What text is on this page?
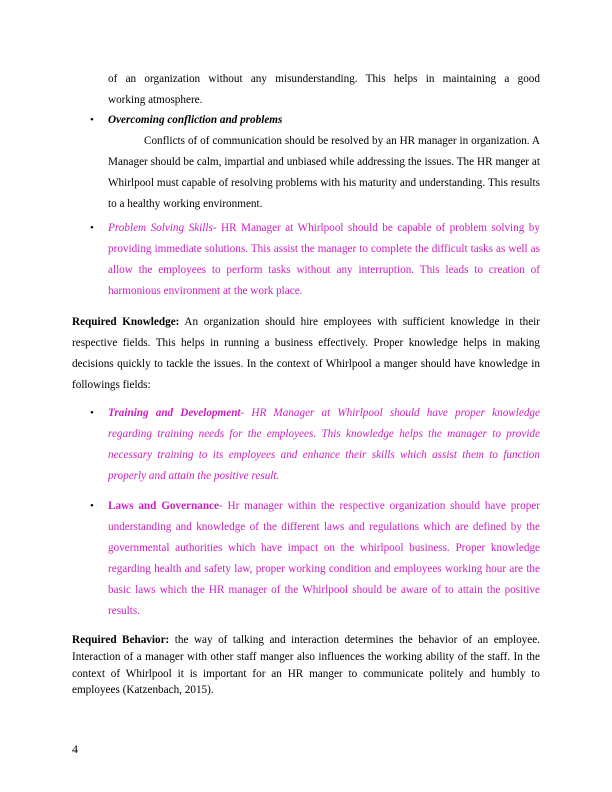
of an organization without any misunderstanding. This helps in maintaining a good
working atmosphere.
• Overcoming confliction and problems
Conflicts of of communication should be resolved by an HR manager in organization. A Manager should be calm, impartial and unbiased while addressing the issues. The HR manger at Whirlpool must capable of resolving problems with his maturity and understanding. This results to a healthy working environment.
• Problem Solving Skills- HR Manager at Whirlpool should be capable of problem solving by providing immediate solutions. This assist the manager to complete the difficult tasks as well as allow the employees to perform tasks without any interruption. This leads to creation of harmonious environment at the work place.
Required Knowledge: An organization should hire employees with sufficient knowledge in their respective fields. This helps in running a business effectively. Proper knowledge helps in making decisions quickly to tackle the issues. In the context of Whirlpool a manger should have knowledge in followings fields:
• Training and Development- HR Manager at Whirlpool should have proper knowledge regarding training needs for the employees. This knowledge helps the manager to provide necessary training to its employees and enhance their skills which assist them to function properly and attain the positive result.
• Laws and Governance- Hr manager within the respective organization should have proper understanding and knowledge of the different laws and regulations which are defined by the governmental authorities which have impact on the whirlpool business. Proper knowledge regarding health and safety law, proper working condition and employees working hour are the basic laws which the HR manager of the Whirlpool should be aware of to attain the positive results.
Required Behavior: the way of talking and interaction determines the behavior of an employee. Interaction of a manager with other staff manger also influences the working ability of the staff. In the context of Whirlpool it is important for an HR manger to communicate politely and humbly to employees (Katzenbach, 2015).
4
